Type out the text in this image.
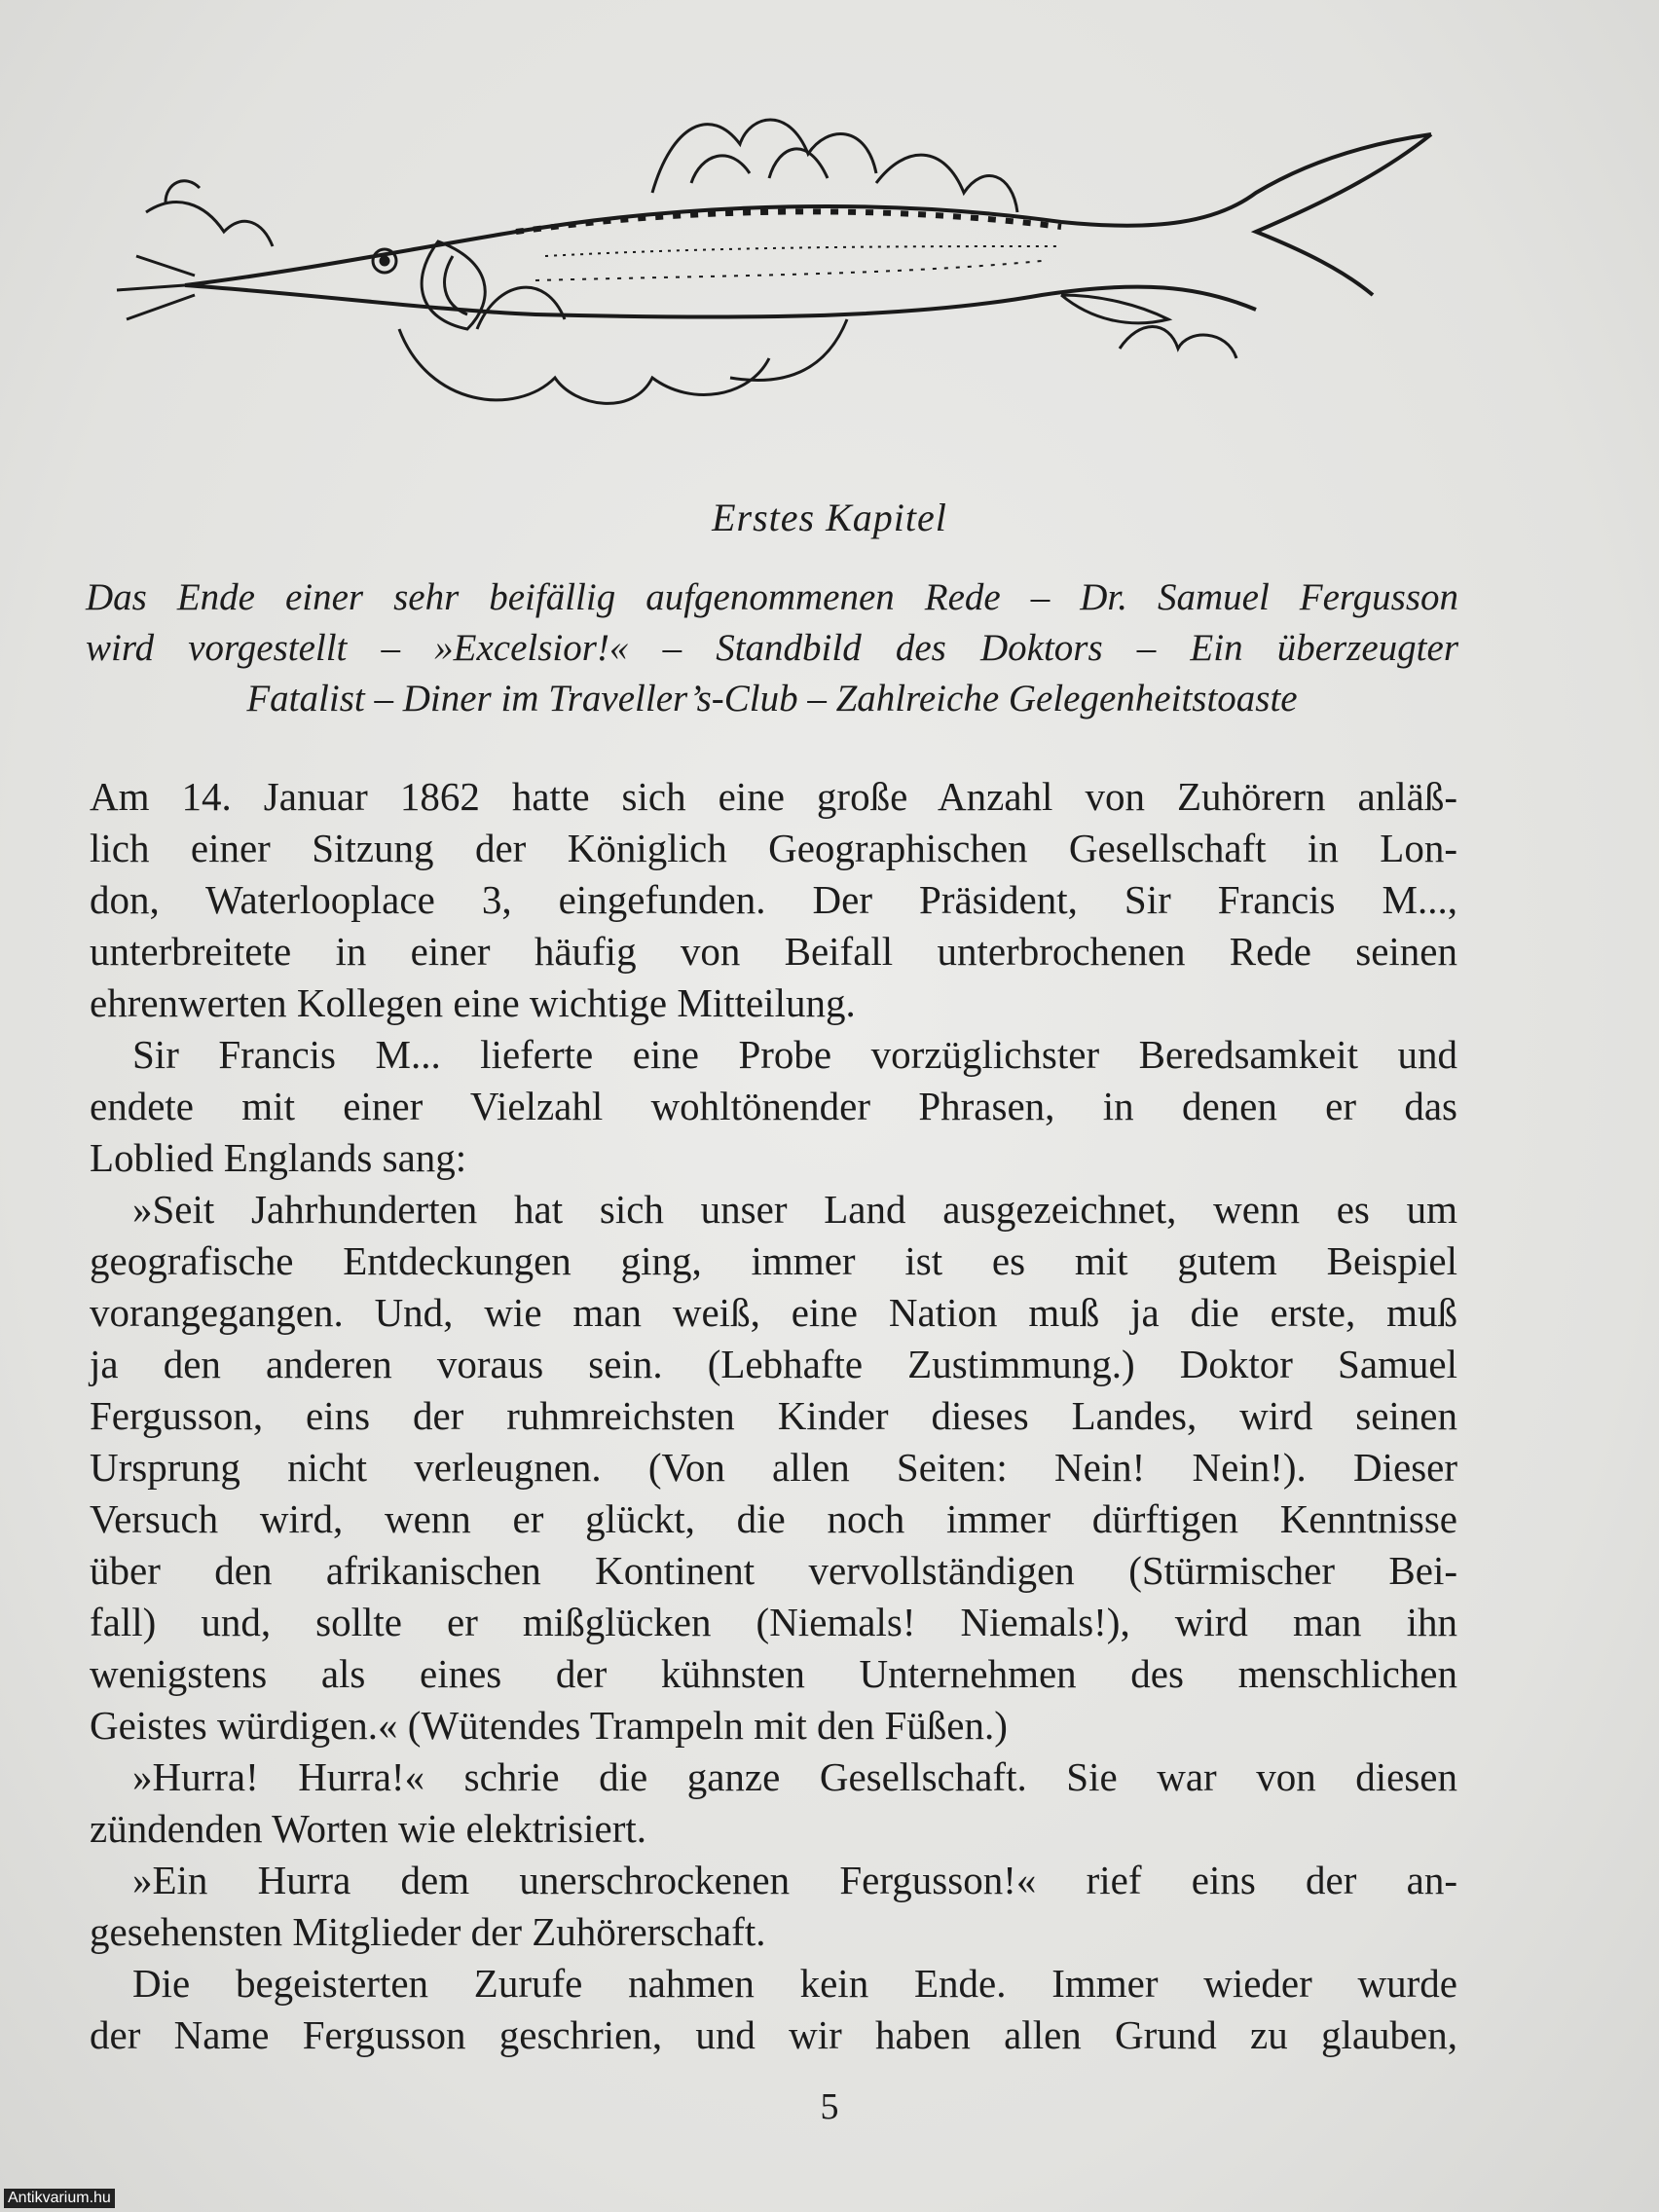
Erstes Kapitel
Das Ende einer sehr beifällig aufgenommenen Rede – Dr. Samuel Fergusson
wird vorgestellt – »Excelsior!« – Standbild des Doktors – Ein überzeugter
Fatalist – Diner im Traveller’s-Club – Zahlreiche Gelegenheitstoaste
Am 14. Januar 1862 hatte sich eine große Anzahl von Zuhörern anläß-
lich einer Sitzung der Königlich Geographischen Gesellschaft in Lon-
don, Waterlooplace 3, eingefunden. Der Präsident, Sir Francis M...,
unterbreitete in einer häufig von Beifall unterbrochenen Rede seinen
ehrenwerten Kollegen eine wichtige Mitteilung.
Sir Francis M... lieferte eine Probe vorzüglichster Beredsamkeit und
endete mit einer Vielzahl wohltönender Phrasen, in denen er das
Loblied Englands sang:
»Seit Jahrhunderten hat sich unser Land ausgezeichnet, wenn es um
geografische Entdeckungen ging, immer ist es mit gutem Beispiel
vorangegangen. Und, wie man weiß, eine Nation muß ja die erste, muß
ja den anderen voraus sein. (Lebhafte Zustimmung.) Doktor Samuel
Fergusson, eins der ruhmreichsten Kinder dieses Landes, wird seinen
Ursprung nicht verleugnen. (Von allen Seiten: Nein! Nein!). Dieser
Versuch wird, wenn er glückt, die noch immer dürftigen Kenntnisse
über den afrikanischen Kontinent vervollständigen (Stürmischer Bei-
fall) und, sollte er mißglücken (Niemals! Niemals!), wird man ihn
wenigstens als eines der kühnsten Unternehmen des menschlichen
Geistes würdigen.« (Wütendes Trampeln mit den Füßen.)
»Hurra! Hurra!« schrie die ganze Gesellschaft. Sie war von diesen
zündenden Worten wie elektrisiert.
»Ein Hurra dem unerschrockenen Fergusson!« rief eins der an-
gesehensten Mitglieder der Zuhörerschaft.
Die begeisterten Zurufe nahmen kein Ende. Immer wieder wurde
der Name Fergusson geschrien, und wir haben allen Grund zu glauben,
5
Antikvarium.hu
